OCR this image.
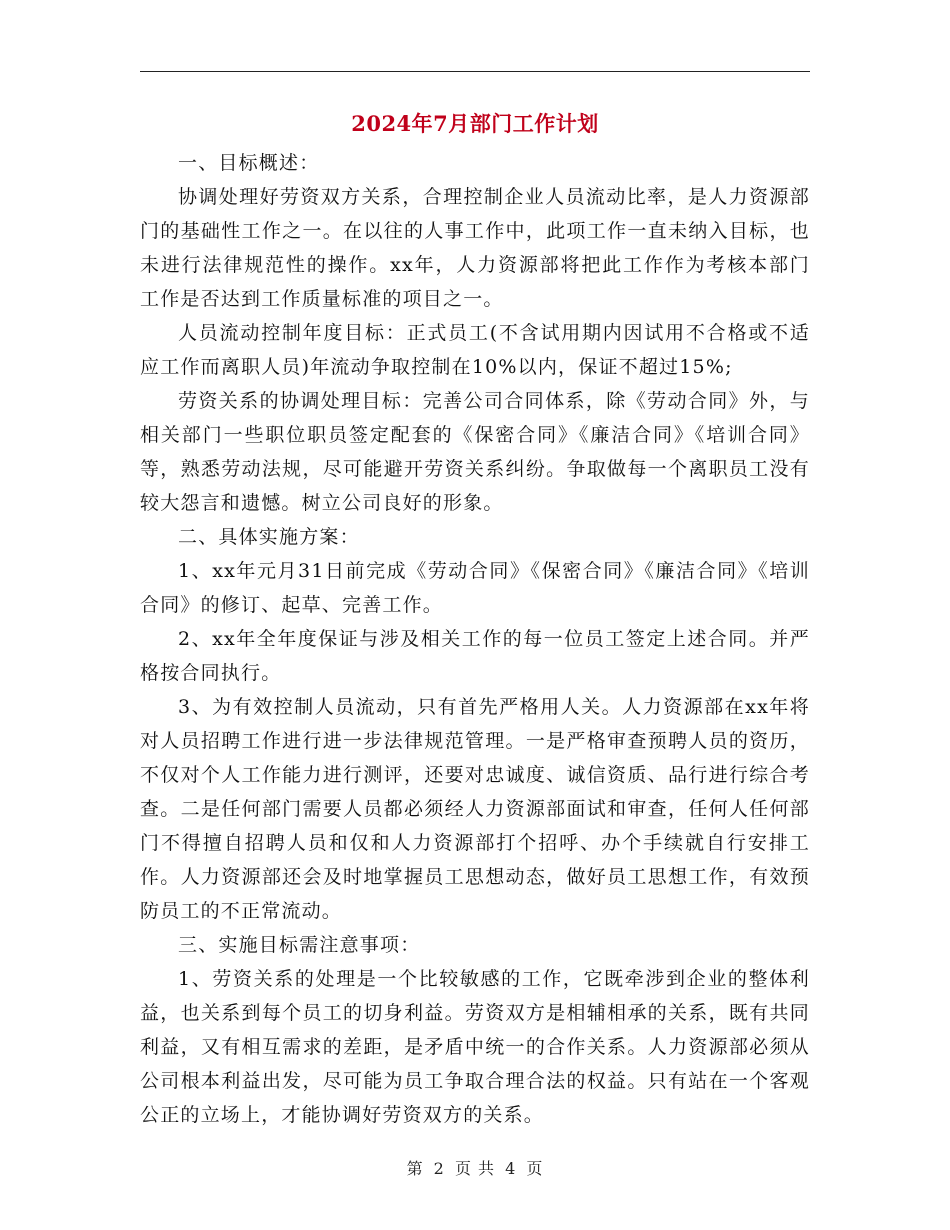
2024年7月部门工作计划

一、目标概述：

协调处理好劳资双方关系，合理控制企业人员流动比率，是人力资源部门的基础性工作之一。在以往的人事工作中，此项工作一直未纳入目标，也未进行法律规范性的操作。xx年，人力资源部将把此工作作为考核本部门工作是否达到工作质量标准的项目之一。

人员流动控制年度目标：正式员工(不含试用期内因试用不合格或不适应工作而离职人员)年流动争取控制在10%以内，保证不超过15%;

劳资关系的协调处理目标：完善公司合同体系，除《劳动合同》外，与相关部门一些职位职员签定配套的《保密合同》《廉洁合同》《培训合同》等，熟悉劳动法规，尽可能避开劳资关系纠纷。争取做每一个离职员工没有较大怨言和遗憾。树立公司良好的形象。

二、具体实施方案：

1、xx年元月31日前完成《劳动合同》《保密合同》《廉洁合同》《培训合同》的修订、起草、完善工作。

2、xx年全年度保证与涉及相关工作的每一位员工签定上述合同。并严格按合同执行。

3、为有效控制人员流动，只有首先严格用人关。人力资源部在xx年将对人员招聘工作进行进一步法律规范管理。一是严格审查预聘人员的资历，不仅对个人工作能力进行测评，还要对忠诚度、诚信资质、品行进行综合考查。二是任何部门需要人员都必须经人力资源部面试和审查，任何人任何部门不得擅自招聘人员和仅和人力资源部打个招呼、办个手续就自行安排工作。人力资源部还会及时地掌握员工思想动态，做好员工思想工作，有效预防员工的不正常流动。

三、实施目标需注意事项：

1、劳资关系的处理是一个比较敏感的工作，它既牵涉到企业的整体利益，也关系到每个员工的切身利益。劳资双方是相辅相承的关系，既有共同利益，又有相互需求的差距，是矛盾中统一的合作关系。人力资源部必须从公司根本利益出发，尽可能为员工争取合理合法的权益。只有站在一个客观公正的立场上，才能协调好劳资双方的关系。

第 2 页 共 4 页
